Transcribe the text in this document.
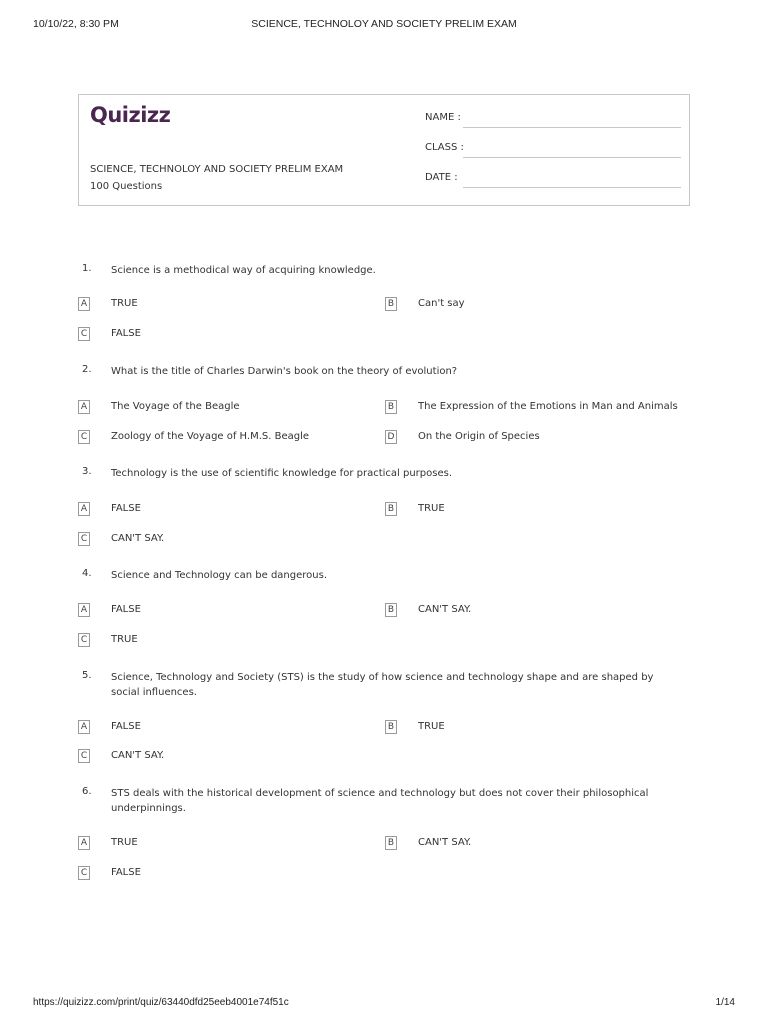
10/10/22, 8:30 PM	SCIENCE, TECHNOLOY AND SOCIETY PRELIM EXAM
Quizizz
SCIENCE, TECHNOLOY AND SOCIETY PRELIM EXAM
100 Questions
NAME :
CLASS :
DATE :
1. Science is a methodical way of acquiring knowledge.
A TRUE	B Can't say
C FALSE
2. What is the title of Charles Darwin's book on the theory of evolution?
A The Voyage of the Beagle	B The Expression of the Emotions in Man and Animals
C Zoology of the Voyage of H.M.S. Beagle	D On the Origin of Species
3. Technology is the use of scientific knowledge for practical purposes.
A FALSE	B TRUE
C CAN'T SAY.
4. Science and Technology can be dangerous.
A FALSE	B CAN'T SAY.
C TRUE
5. Science, Technology and Society (STS) is the study of how science and technology shape and are shaped by social influences.
A FALSE	B TRUE
C CAN'T SAY.
6. STS deals with the historical development of science and technology but does not cover their philosophical underpinnings.
A TRUE	B CAN'T SAY.
C FALSE
https://quizizz.com/print/quiz/63440dfd25eeb4001e74f51c	1/14
